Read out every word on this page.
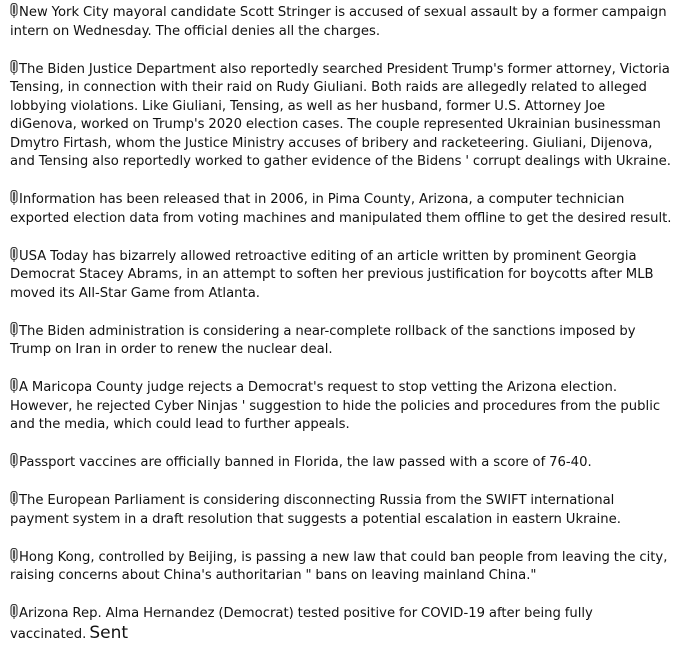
New York City mayoral candidate Scott Stringer is accused of sexual assault by a former campaign intern on Wednesday. The official denies all the charges.
The Biden Justice Department also reportedly searched President Trump's former attorney, Victoria Tensing, in connection with their raid on Rudy Giuliani. Both raids are allegedly related to alleged lobbying violations. Like Giuliani, Tensing, as well as her husband, former U.S. Attorney Joe diGenova, worked on Trump's 2020 election cases. The couple represented Ukrainian businessman Dmytro Firtash, whom the Justice Ministry accuses of bribery and racketeering. Giuliani, Dijenova, and Tensing also reportedly worked to gather evidence of the Bidens ' corrupt dealings with Ukraine.
Information has been released that in 2006, in Pima County, Arizona, a computer technician exported election data from voting machines and manipulated them offline to get the desired result.
USA Today has bizarrely allowed retroactive editing of an article written by prominent Georgia Democrat Stacey Abrams, in an attempt to soften her previous justification for boycotts after MLB moved its All-Star Game from Atlanta.
The Biden administration is considering a near-complete rollback of the sanctions imposed by Trump on Iran in order to renew the nuclear deal.
A Maricopa County judge rejects a Democrat's request to stop vetting the Arizona election. However, he rejected Cyber Ninjas ' suggestion to hide the policies and procedures from the public and the media, which could lead to further appeals.
Passport vaccines are officially banned in Florida, the law passed with a score of 76-40.
The European Parliament is considering disconnecting Russia from the SWIFT international payment system in a draft resolution that suggests a potential escalation in eastern Ukraine.
Hong Kong, controlled by Beijing, is passing a new law that could ban people from leaving the city, raising concerns about China's authoritarian " bans on leaving mainland China."
Arizona Rep. Alma Hernandez (Democrat) tested positive for COVID-19 after being fully vaccinated. Sent
